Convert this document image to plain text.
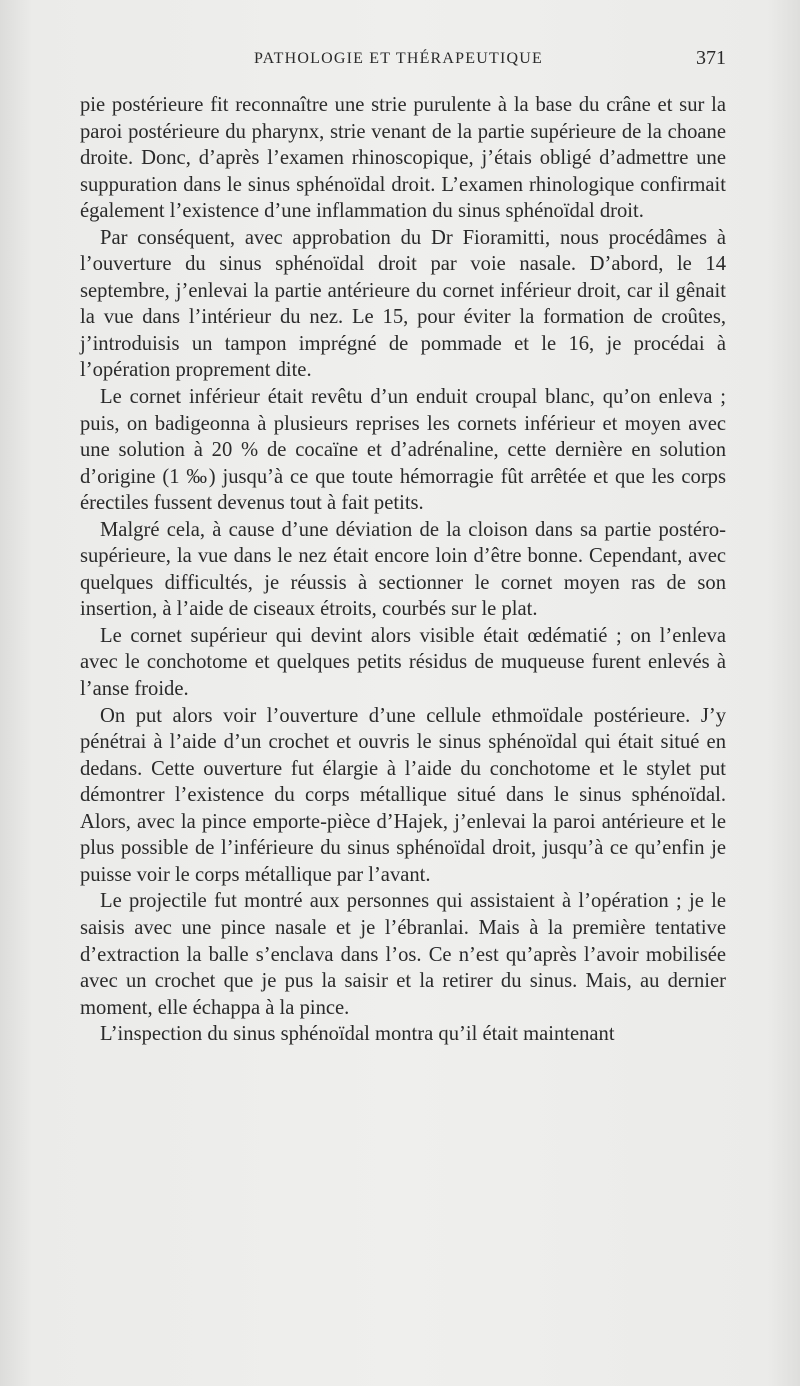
PATHOLOGIE ET THÉRAPEUTIQUE	371

pie postérieure fit reconnaître une strie purulente à la base du crâne et sur la paroi postérieure du pharynx, strie venant de la partie supérieure de la choane droite. Donc, d’après l’examen rhinoscopique, j’étais obligé d’admettre une suppuration dans le sinus sphénoïdal droit. L’examen rhinologique confirmait également l’existence d’une inflammation du sinus sphénoïdal droit.

Par conséquent, avec approbation du Dr Fioramitti, nous procédâmes à l’ouverture du sinus sphénoïdal droit par voie nasale. D’abord, le 14 septembre, j’enlevai la partie antérieure du cornet inférieur droit, car il gênait la vue dans l’intérieur du nez. Le 15, pour éviter la formation de croûtes, j’introduisis un tampon imprégné de pommade et le 16, je procédai à l’opération proprement dite.

Le cornet inférieur était revêtu d’un enduit croupal blanc, qu’on enleva ; puis, on badigeonna à plusieurs reprises les cornets inférieur et moyen avec une solution à 20 % de cocaïne et d’adrénaline, cette dernière en solution d’origine (1 ‰) jusqu’à ce que toute hémorragie fût arrêtée et que les corps érectiles fussent devenus tout à fait petits.

Malgré cela, à cause d’une déviation de la cloison dans sa partie postéro-supérieure, la vue dans le nez était encore loin d’être bonne. Cependant, avec quelques difficultés, je réussis à sectionner le cornet moyen ras de son insertion, à l’aide de ciseaux étroits, courbés sur le plat.

Le cornet supérieur qui devint alors visible était œdématié ; on l’enleva avec le conchotome et quelques petits résidus de muqueuse furent enlevés à l’anse froide.

On put alors voir l’ouverture d’une cellule ethmoïdale postérieure. J’y pénétrai à l’aide d’un crochet et ouvris le sinus sphénoïdal qui était situé en dedans. Cette ouverture fut élargie à l’aide du conchotome et le stylet put démontrer l’existence du corps métallique situé dans le sinus sphénoïdal. Alors, avec la pince emporte-pièce d’Hajek, j’enlevai la paroi antérieure et le plus possible de l’inférieure du sinus sphénoïdal droit, jusqu’à ce qu’enfin je puisse voir le corps métallique par l’avant.

Le projectile fut montré aux personnes qui assistaient à l’opération ; je le saisis avec une pince nasale et je l’ébranlai. Mais à la première tentative d’extraction la balle s’enclava dans l’os. Ce n’est qu’après l’avoir mobilisée avec un crochet que je pus la saisir et la retirer du sinus. Mais, au dernier moment, elle échappa à la pince.

L’inspection du sinus sphénoïdal montra qu’il était maintenant
